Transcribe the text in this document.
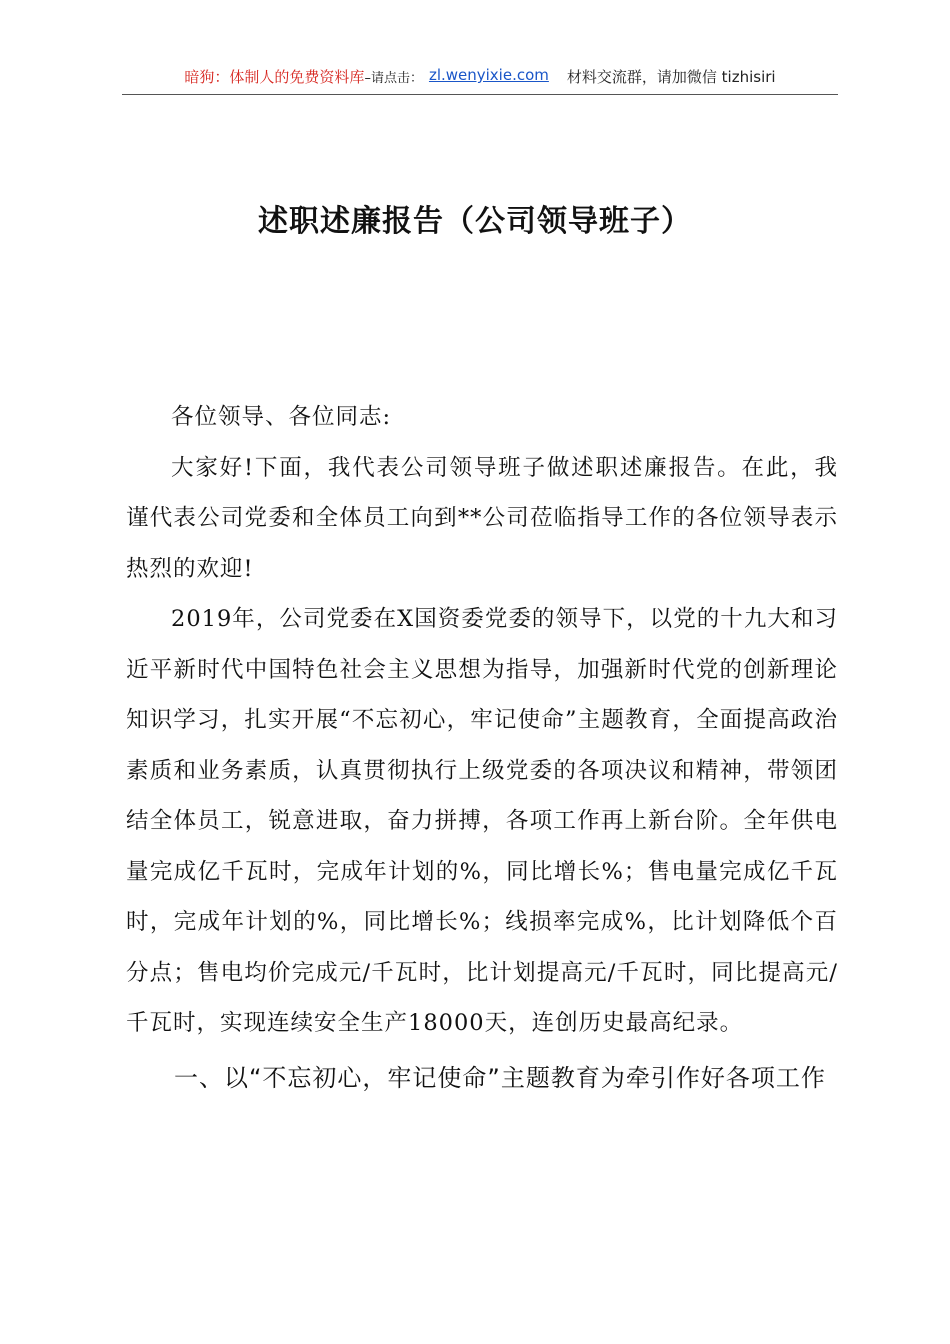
暗狗：体制人的免费资料库 –请点击： zl.wenyixie.com 材料交流群，请加微信 tizhisiri
述职述廉报告（公司领导班子）

各位领导、各位同志:

大家好!下面，我代表公司领导班子做述职述廉报告。在此，我谨代表公司党委和全体员工向到**公司莅临指导工作的各位领导表示热烈的欢迎!

2019年，公司党委在X国资委党委的领导下，以党的十九大和习近平新时代中国特色社会主义思想为指导，加强新时代党的创新理论知识学习，扎实开展“不忘初心，牢记使命”主题教育，全面提高政治素质和业务素质，认真贯彻执行上级党委的各项决议和精神，带领团结全体员工，锐意进取，奋力拼搏，各项工作再上新台阶。全年供电量完成亿千瓦时，完成年计划的%，同比增长%；售电量完成亿千瓦时，完成年计划的%，同比增长%；线损率完成%，比计划降低个百分点；售电均价完成元/千瓦时，比计划提高元/千瓦时，同比提高元/千瓦时，实现连续安全生产18000天，连创历史最高纪录。

一、以“不忘初心，牢记使命”主题教育为牵引作好各项工作
